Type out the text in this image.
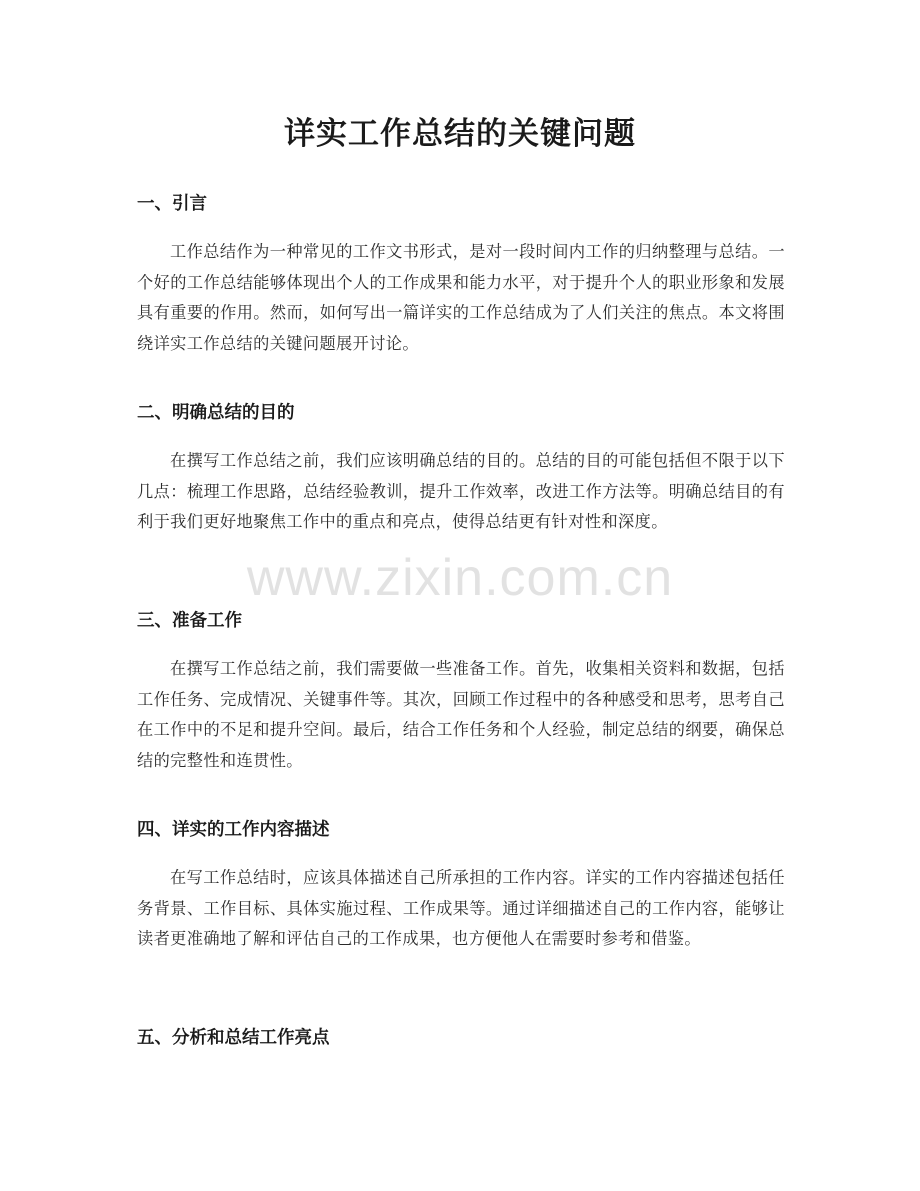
详实工作总结的关键问题
一、引言

工作总结作为一种常见的工作文书形式，是对一段时间内工作的归纳整理与总结。一个好的工作总结能够体现出个人的工作成果和能力水平，对于提升个人的职业形象和发展具有重要的作用。然而，如何写出一篇详实的工作总结成为了人们关注的焦点。本文将围绕详实工作总结的关键问题展开讨论。

二、明确总结的目的

在撰写工作总结之前，我们应该明确总结的目的。总结的目的可能包括但不限于以下几点：梳理工作思路，总结经验教训，提升工作效率，改进工作方法等。明确总结目的有利于我们更好地聚焦工作中的重点和亮点，使得总结更有针对性和深度。

三、准备工作

在撰写工作总结之前，我们需要做一些准备工作。首先，收集相关资料和数据，包括工作任务、完成情况、关键事件等。其次，回顾工作过程中的各种感受和思考，思考自己在工作中的不足和提升空间。最后，结合工作任务和个人经验，制定总结的纲要，确保总结的完整性和连贯性。

四、详实的工作内容描述

在写工作总结时，应该具体描述自己所承担的工作内容。详实的工作内容描述包括任务背景、工作目标、具体实施过程、工作成果等。通过详细描述自己的工作内容，能够让读者更准确地了解和评估自己的工作成果，也方便他人在需要时参考和借鉴。

五、分析和总结工作亮点
www.zixin.com.cn
